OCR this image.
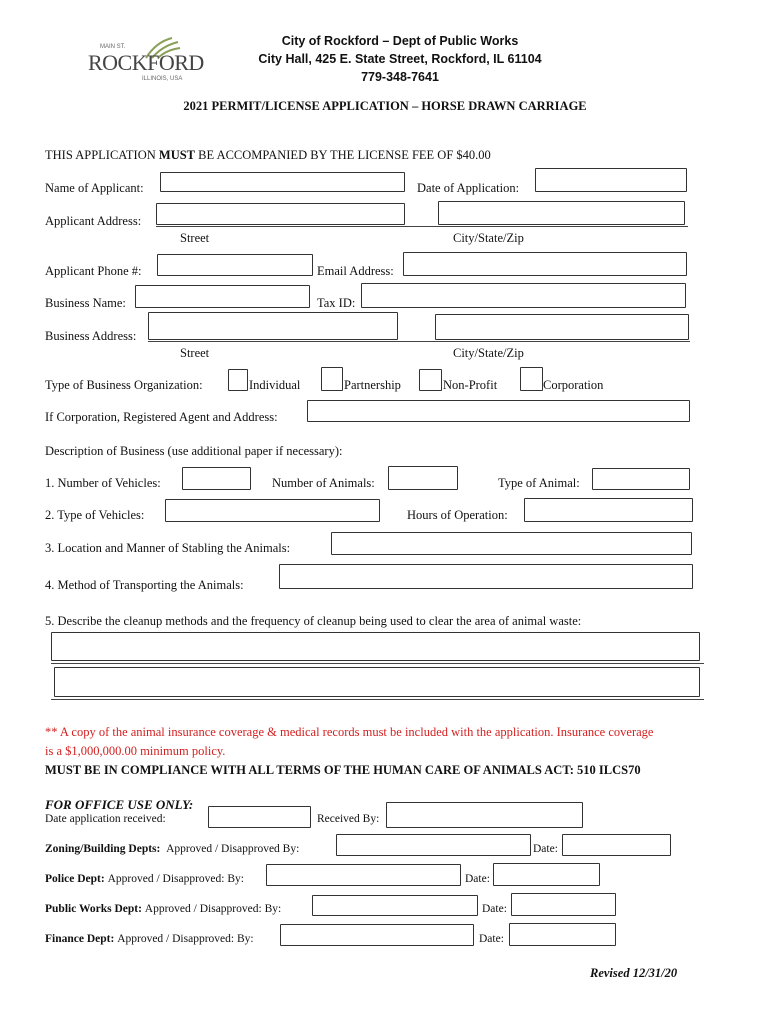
MAIN ST.
ROCKFORD
ILLINOIS, USA
City of Rockford – Dept of Public Works
City Hall, 425 E. State Street, Rockford, IL 61104
779-348-7641
2021 PERMIT/LICENSE APPLICATION – HORSE DRAWN CARRIAGE
THIS APPLICATION MUST BE ACCOMPANIED BY THE LICENSE FEE OF $40.00
Name of Applicant:	Date of Application:
Applicant Address:
Street	City/State/Zip
Applicant Phone #:	Email Address:
Business Name:	Tax ID:
Business Address:
Street	City/State/Zip
Type of Business Organization:	Individual	Partnership	Non-Profit	Corporation
If Corporation, Registered Agent and Address:
Description of Business (use additional paper if necessary):
1. Number of Vehicles:	Number of Animals:	Type of Animal:
2. Type of Vehicles:	Hours of Operation:
3. Location and Manner of Stabling the Animals:
4. Method of Transporting the Animals:
5. Describe the cleanup methods and the frequency of cleanup being used to clear the area of animal waste:
** A copy of the animal insurance coverage & medical records must be included with the application. Insurance coverage
is a $1,000,000.00 minimum policy.
MUST BE IN COMPLIANCE WITH ALL TERMS OF THE HUMAN CARE OF ANIMALS ACT: 510 ILCS70
FOR OFFICE USE ONLY:
Date application received:	Received By:
Zoning/Building Depts: Approved / Disapproved By:	Date:
Police Dept: Approved / Disapproved: By:	Date:
Public Works Dept: Approved / Disapproved: By:	Date:
Finance Dept: Approved / Disapproved: By:	Date:
Revised 12/31/20
